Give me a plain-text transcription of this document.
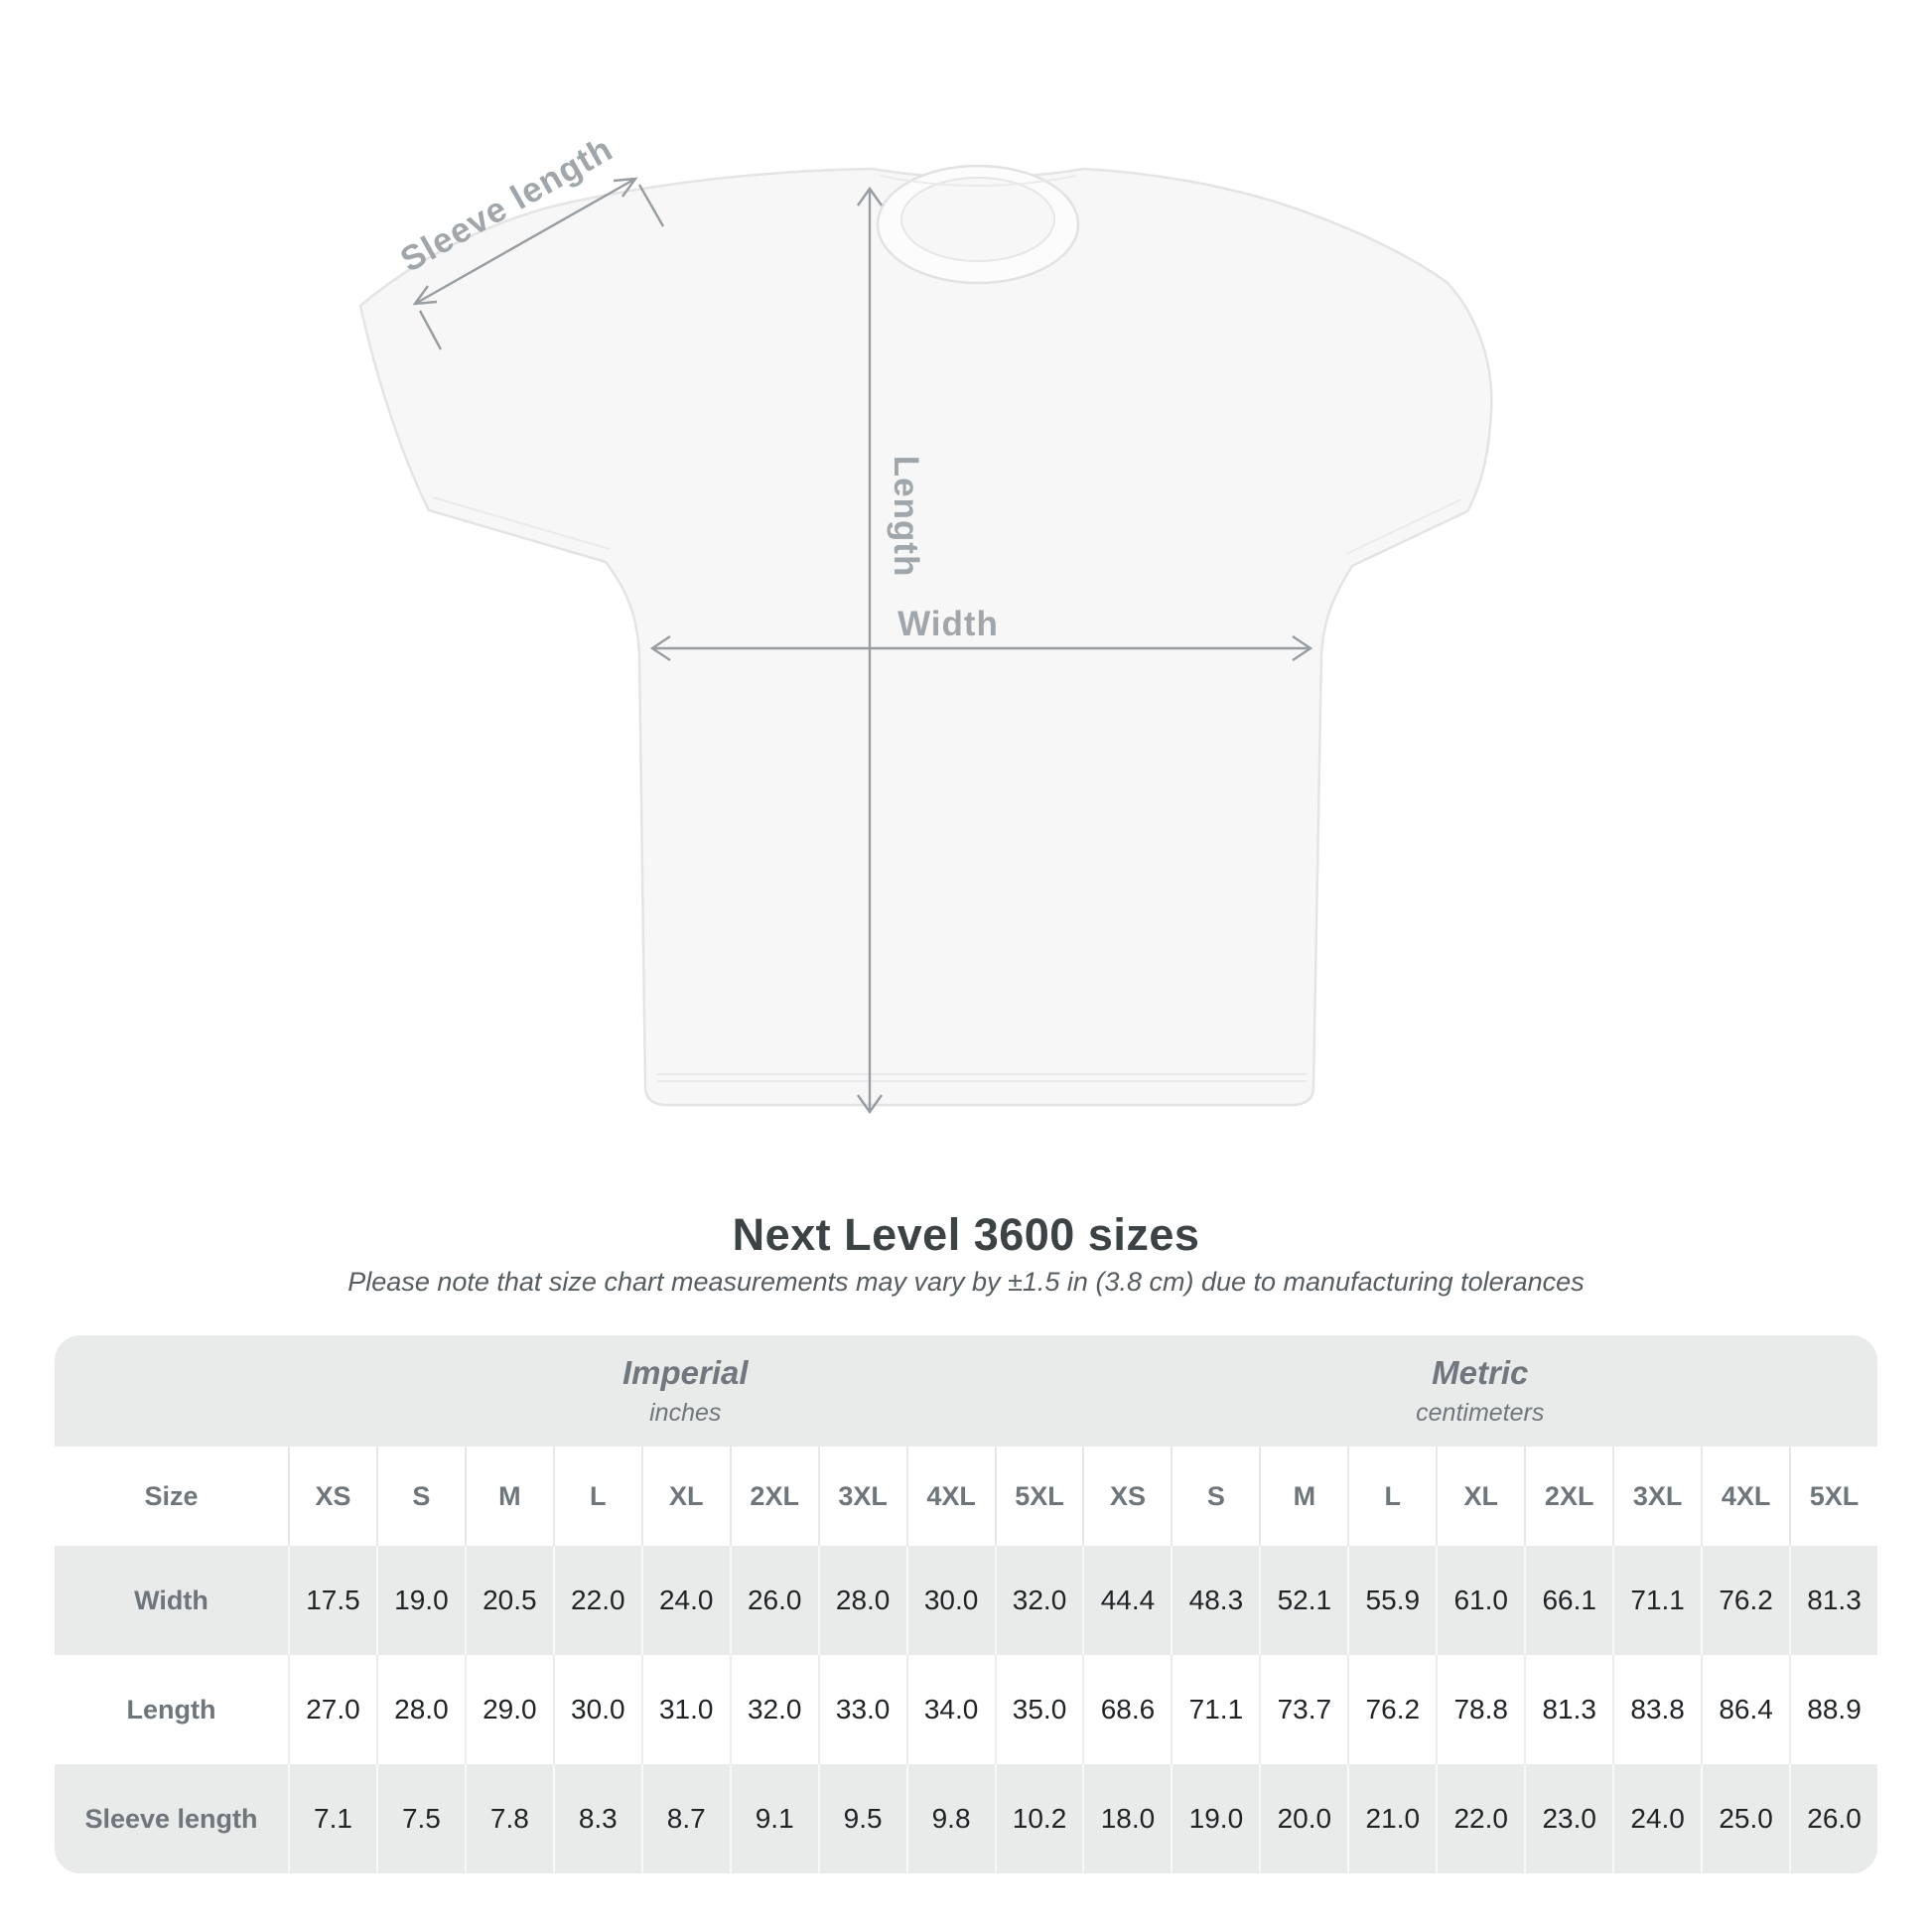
Length
Width
Sleeve length
Next Level 3600 sizes
Please note that size chart measurements may vary by ±1.5 in (3.8 cm) due to manufacturing tolerances
Imperial
inches
Metric
centimeters
Size	XS	S	M	L	XL	2XL	3XL	4XL	5XL	XS	S	M	L	XL	2XL	3XL	4XL	5XL
Width	17.5	19.0	20.5	22.0	24.0	26.0	28.0	30.0	32.0	44.4	48.3	52.1	55.9	61.0	66.1	71.1	76.2	81.3
Length	27.0	28.0	29.0	30.0	31.0	32.0	33.0	34.0	35.0	68.6	71.1	73.7	76.2	78.8	81.3	83.8	86.4	88.9
Sleeve length	7.1	7.5	7.8	8.3	8.7	9.1	9.5	9.8	10.2	18.0	19.0	20.0	21.0	22.0	23.0	24.0	25.0	26.0
